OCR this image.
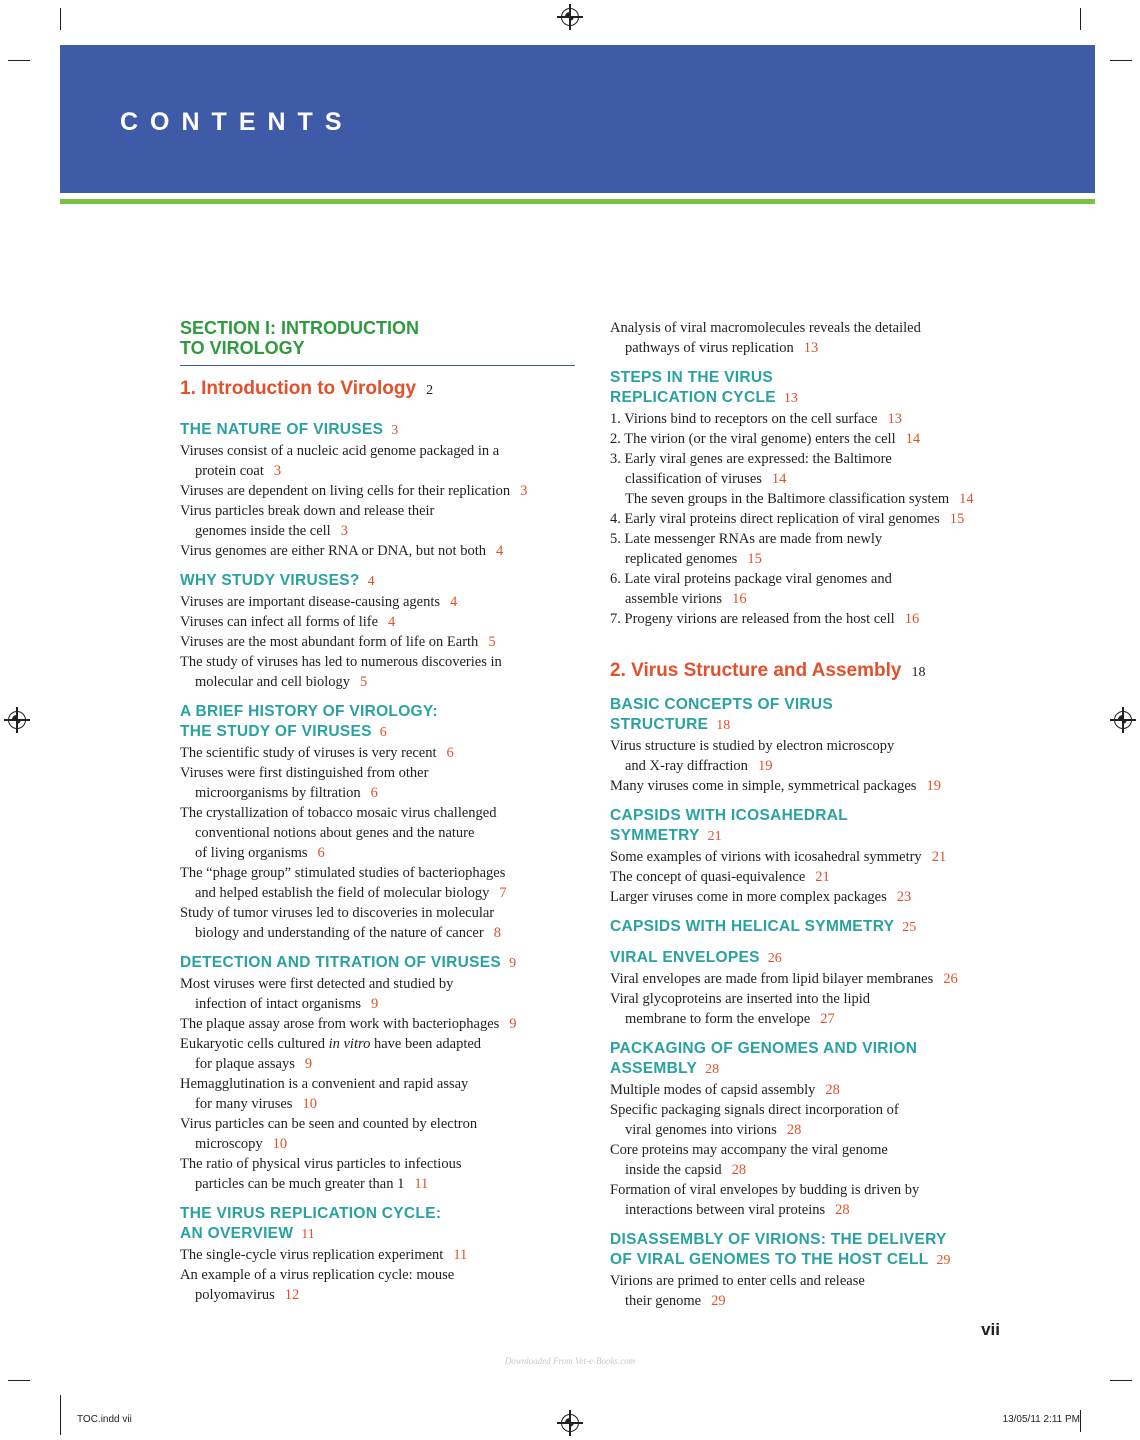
CONTENTS
SECTION I: INTRODUCTION
TO VIROLOGY
1. Introduction to Virology 2
THE NATURE OF VIRUSES 3
Viruses consist of a nucleic acid genome packaged in a
protein coat 3
Viruses are dependent on living cells for their replication 3
Virus particles break down and release their
genomes inside the cell 3
Virus genomes are either RNA or DNA, but not both 4
WHY STUDY VIRUSES? 4
Viruses are important disease-causing agents 4
Viruses can infect all forms of life 4
Viruses are the most abundant form of life on Earth 5
The study of viruses has led to numerous discoveries in
molecular and cell biology 5
A BRIEF HISTORY OF VIROLOGY:
THE STUDY OF VIRUSES 6
The scientific study of viruses is very recent 6
Viruses were first distinguished from other
microorganisms by filtration 6
The crystallization of tobacco mosaic virus challenged
conventional notions about genes and the nature
of living organisms 6
The “phage group” stimulated studies of bacteriophages
and helped establish the field of molecular biology 7
Study of tumor viruses led to discoveries in molecular
biology and understanding of the nature of cancer 8
DETECTION AND TITRATION OF VIRUSES 9
Most viruses were first detected and studied by
infection of intact organisms 9
The plaque assay arose from work with bacteriophages 9
Eukaryotic cells cultured in vitro have been adapted
for plaque assays 9
Hemagglutination is a convenient and rapid assay
for many viruses 10
Virus particles can be seen and counted by electron
microscopy 10
The ratio of physical virus particles to infectious
particles can be much greater than 1 11
THE VIRUS REPLICATION CYCLE:
AN OVERVIEW 11
The single-cycle virus replication experiment 11
An example of a virus replication cycle: mouse
polyomavirus 12
Analysis of viral macromolecules reveals the detailed
pathways of virus replication 13
STEPS IN THE VIRUS
REPLICATION CYCLE 13
1. Virions bind to receptors on the cell surface 13
2. The virion (or the viral genome) enters the cell 14
3. Early viral genes are expressed: the Baltimore
classification of viruses 14
The seven groups in the Baltimore classification system 14
4. Early viral proteins direct replication of viral genomes 15
5. Late messenger RNAs are made from newly
replicated genomes 15
6. Late viral proteins package viral genomes and
assemble virions 16
7. Progeny virions are released from the host cell 16
2. Virus Structure and Assembly 18
BASIC CONCEPTS OF VIRUS
STRUCTURE 18
Virus structure is studied by electron microscopy
and X-ray diffraction 19
Many viruses come in simple, symmetrical packages 19
CAPSIDS WITH ICOSAHEDRAL
SYMMETRY 21
Some examples of virions with icosahedral symmetry 21
The concept of quasi-equivalence 21
Larger viruses come in more complex packages 23
CAPSIDS WITH HELICAL SYMMETRY 25
VIRAL ENVELOPES 26
Viral envelopes are made from lipid bilayer membranes 26
Viral glycoproteins are inserted into the lipid
membrane to form the envelope 27
PACKAGING OF GENOMES AND VIRION
ASSEMBLY 28
Multiple modes of capsid assembly 28
Specific packaging signals direct incorporation of
viral genomes into virions 28
Core proteins may accompany the viral genome
inside the capsid 28
Formation of viral envelopes by budding is driven by
interactions between viral proteins 28
DISASSEMBLY OF VIRIONS: THE DELIVERY
OF VIRAL GENOMES TO THE HOST CELL 29
Virions are primed to enter cells and release
their genome 29
vii
Downloaded From Vet-e-Books.com
TOC.indd vii	13/05/11 2:11 PM
